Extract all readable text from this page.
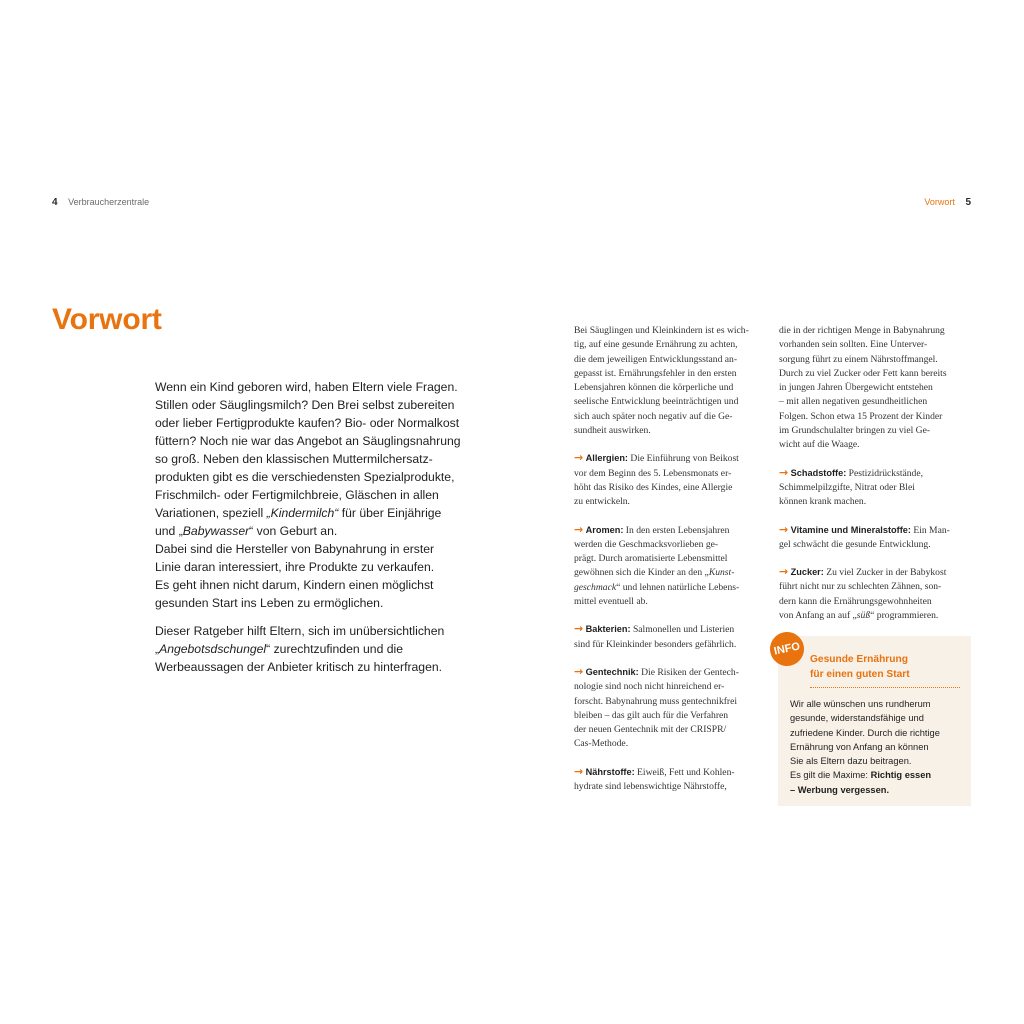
4 Verbraucherzentrale
Vorwort

Wenn ein Kind geboren wird, haben Eltern viele Fragen.
Stillen oder Säuglingsmilch? Den Brei selbst zubereiten
oder lieber Fertigprodukte kaufen? Bio- oder Normalkost
füttern? Noch nie war das Angebot an Säuglingsnahrung
so groß. Neben den klassischen Muttermilchersatz-
produkten gibt es die verschiedensten Spezialprodukte,
Frischmilch- oder Fertigmilchbreie, Gläschen in allen
Variationen, speziell „Kindermilch“ für über Einjährige
und „Babywasser“ von Geburt an.
Dabei sind die Hersteller von Babynahrung in erster
Linie daran interessiert, ihre Produkte zu verkaufen.
Es geht ihnen nicht darum, Kindern einen möglichst
gesunden Start ins Leben zu ermöglichen.

Dieser Ratgeber hilft Eltern, sich im unübersichtlichen
„Angebotsdschungel“ zurechtzufinden und die
Werbeaussagen der Anbieter kritisch zu hinterfragen.

Vorwort 5

Bei Säuglingen und Kleinkindern ist es wich-
tig, auf eine gesunde Ernährung zu achten,
die dem jeweiligen Entwicklungsstand an-
gepasst ist. Ernährungsfehler in den ersten
Lebensjahren können die körperliche und
seelische Entwicklung beeinträchtigen und
sich auch später noch negativ auf die Ge-
sundheit auswirken.

→ Allergien: Die Einführung von Beikost
vor dem Beginn des 5. Lebensmonats er-
höht das Risiko des Kindes, eine Allergie
zu entwickeln.

→ Aromen: In den ersten Lebensjahren
werden die Geschmacksvorlieben ge-
prägt. Durch aromatisierte Lebensmittel
gewöhnen sich die Kinder an den „Kunst-
geschmack“ und lehnen natürliche Lebens-
mittel eventuell ab.

→ Bakterien: Salmonellen und Listerien
sind für Kleinkinder besonders gefährlich.

→ Gentechnik: Die Risiken der Gentech-
nologie sind noch nicht hinreichend er-
forscht. Babynahrung muss gentechnikfrei
bleiben – das gilt auch für die Verfahren
der neuen Gentechnik mit der CRISPR/
Cas-Methode.

→ Nährstoffe: Eiweiß, Fett und Kohlen-
hydrate sind lebenswichtige Nährstoffe,

die in der richtigen Menge in Babynahrung
vorhanden sein sollten. Eine Unterver-
sorgung führt zu einem Nährstoffmangel.
Durch zu viel Zucker oder Fett kann bereits
in jungen Jahren Übergewicht entstehen
– mit allen negativen gesundheitlichen
Folgen. Schon etwa 15 Prozent der Kinder
im Grundschulalter bringen zu viel Ge-
wicht auf die Waage.

→ Schadstoffe: Pestizidrückstände,
Schimmelpilzgifte, Nitrat oder Blei
können krank machen.

→ Vitamine und Mineralstoffe: Ein Man-
gel schwächt die gesunde Entwicklung.

→ Zucker: Zu viel Zucker in der Babykost
führt nicht nur zu schlechten Zähnen, son-
dern kann die Ernährungsgewohnheiten
von Anfang an auf „süß“ programmieren.

INFO
Gesunde Ernährung
für einen guten Start
Wir alle wünschen uns rundherum
gesunde, widerstandsfähige und
zufriedene Kinder. Durch die richtige
Ernährung von Anfang an können
Sie als Eltern dazu beitragen.
Es gilt die Maxime: Richtig essen
– Werbung vergessen.
